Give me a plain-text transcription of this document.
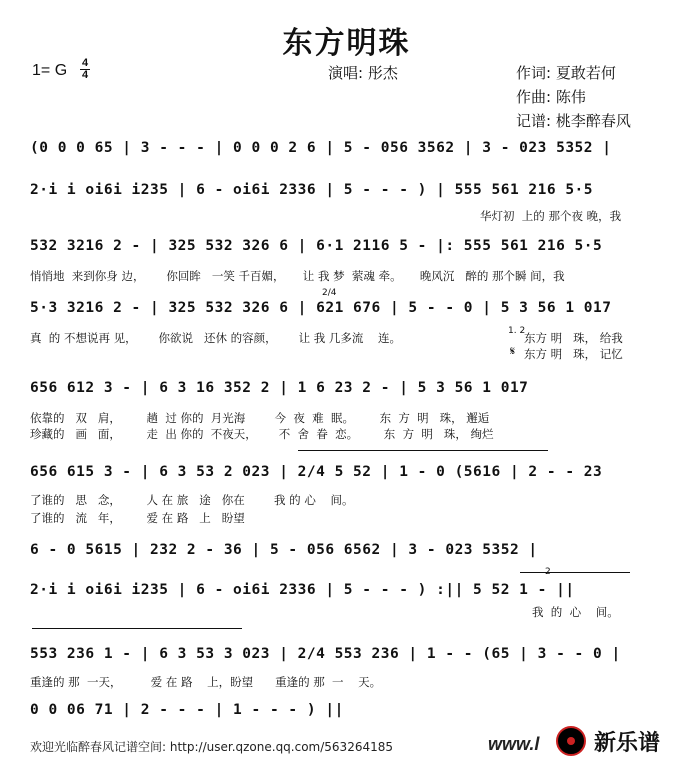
东方明珠
1= G 4
4	演唱: 彤杰	作词: 夏敢若何
作曲: 陈伟
记谱: 桃李醉春风
(0 0 0 65 | 3 - - - | 0 0 0 2 6 | 5 - 056 3562 | 3 - 023 5352 |
2·i i oi6i i235 | 6 - oi6i 2336 | 5 - - - ) | 555 561 216 5·5
532 3216 2 - | 325 532 326 6 | 6·1 2116 5 - |: 555 561 216 5·5
5·3 3216 2 - | 325 532 326 6 | 621 676 | 5 - - 0 | 5 3 56 1 017
656 612 3 - | 6 3 16 352 2 | 1 6 23 2 - | 5 3 56 1 017
656 615 3 - | 6 3 53 2 023 | 2/4 5 52 | 1 - 0 (5616 | 2 - - 23
6 - 0 5615 | 232 2 - 36 | 5 - 056 6562 | 3 - 023 5352 |
2·i i oi6i i235 | 6 - oi6i 2336 | 5 - - - ) :|| 5 52 1 - ||
553 236 1 - | 6 3 53 3 023 | 2/4 553 236 | 1 - - (65 | 3 - - 0 |
0 0 06 71 | 2 - - - | 1 - - - ) ||
2/4
1. 2
𝄋
2
华灯初  上的 那个夜 晚，我
悄悄地  来到你身 边，      你回眸   一笑 千百媚，     让 我 梦  萦魂 牵。     晚风沉   醉的 那个瞬 间，我
真  的 不想说再 见，      你欲说   还休 的容颜，      让 我 几多流    连。	东方 明   珠， 给我
东方 明   珠， 记忆
依靠的   双   肩，       趟  过 你的  月光海        今  夜  难  眠。       东  方  明   珠， 邂逅
珍藏的   画   面，       走  出 你的  不夜天，      不  舍  眷  恋。       东  方  明   珠， 绚烂
了谁的   思   念，       人 在 旅   途   你在        我 的 心    间。
了谁的   流   年，       爱 在 路   上   盼望
我  的  心    间。
重逢的 那  一天，        爱 在 路    上，盼望      重逢的 那  一    天。
欢迎光临醉春风记谱空间: http://user.qzone.qq.com/563264185	www.l 新乐谱
